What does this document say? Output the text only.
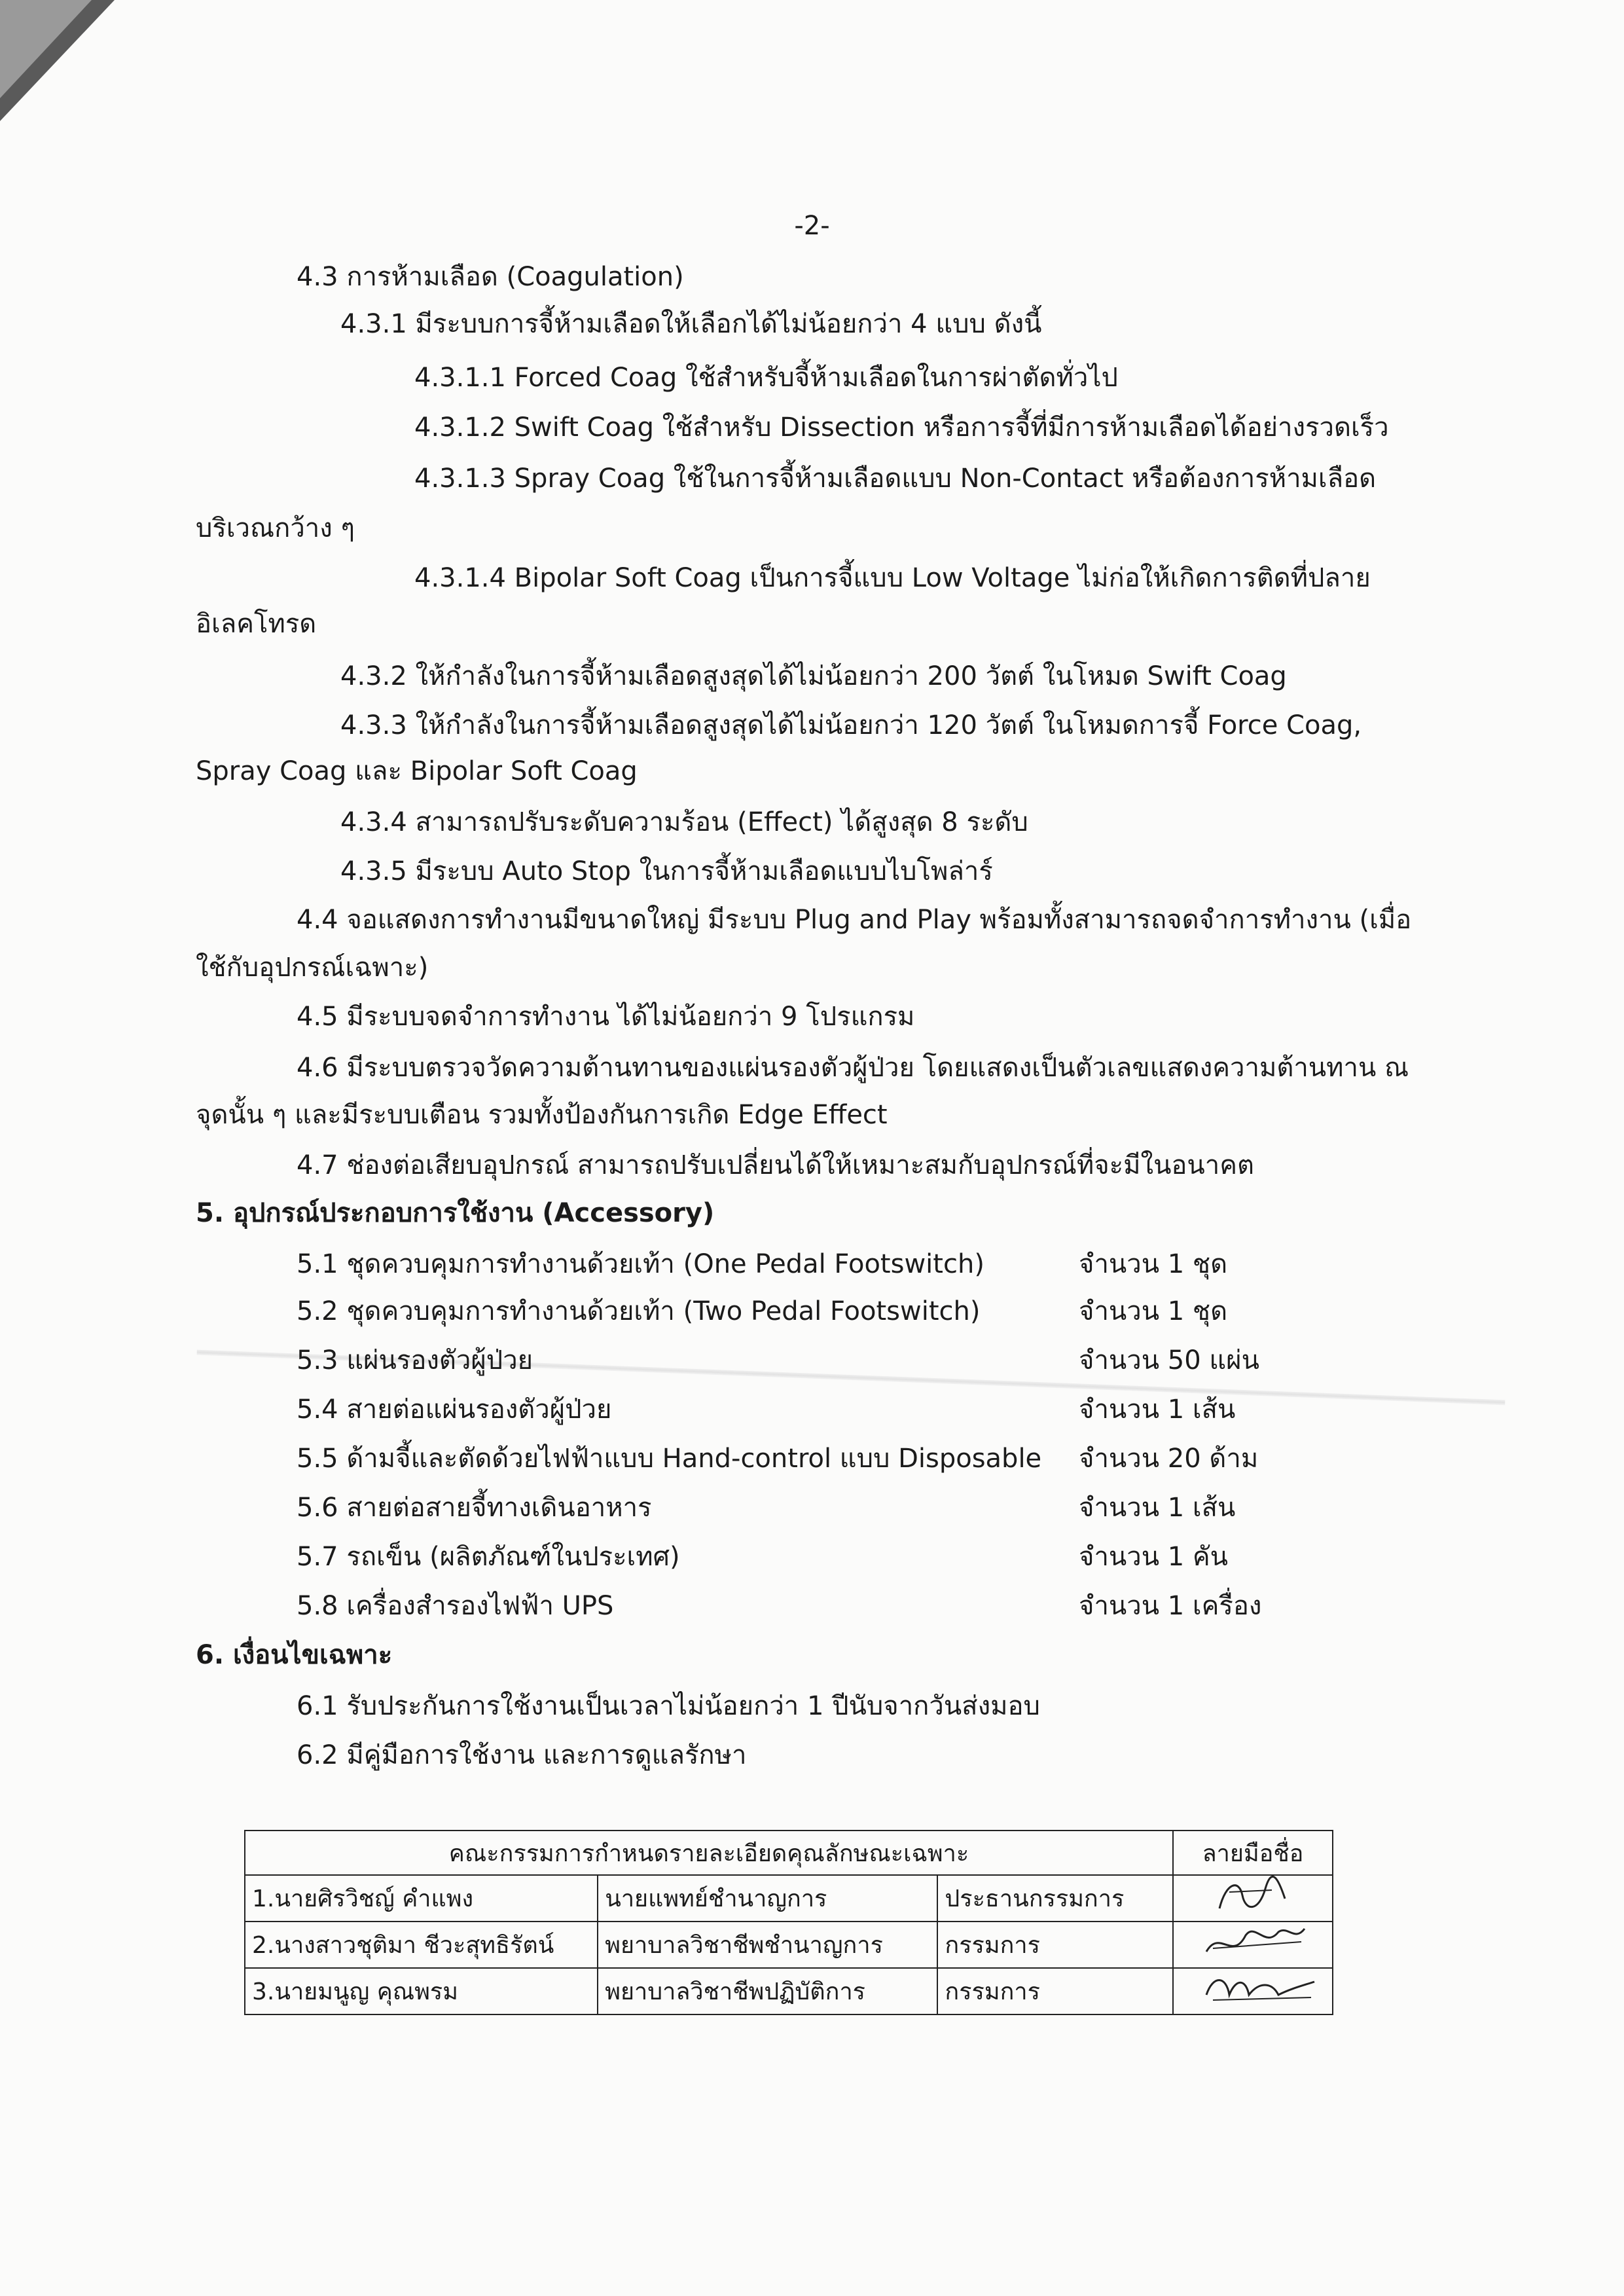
-2-
4.3 การห้ามเลือด (Coagulation)
4.3.1 มีระบบการจี้ห้ามเลือดให้เลือกได้ไม่น้อยกว่า 4 แบบ ดังนี้
4.3.1.1 Forced Coag ใช้สำหรับจี้ห้ามเลือดในการผ่าตัดทั่วไป
4.3.1.2 Swift Coag ใช้สำหรับ Dissection หรือการจี้ที่มีการห้ามเลือดได้อย่างรวดเร็ว
4.3.1.3 Spray Coag ใช้ในการจี้ห้ามเลือดแบบ Non-Contact หรือต้องการห้ามเลือด
บริเวณกว้าง ๆ
4.3.1.4 Bipolar Soft Coag เป็นการจี้แบบ Low Voltage ไม่ก่อให้เกิดการติดที่ปลาย
อิเลคโทรด
4.3.2 ให้กำลังในการจี้ห้ามเลือดสูงสุดได้ไม่น้อยกว่า 200 วัตต์ ในโหมด Swift Coag
4.3.3 ให้กำลังในการจี้ห้ามเลือดสูงสุดได้ไม่น้อยกว่า 120 วัตต์ ในโหมดการจี้ Force Coag,
Spray Coag และ Bipolar Soft Coag
4.3.4 สามารถปรับระดับความร้อน (Effect) ได้สูงสุด 8 ระดับ
4.3.5 มีระบบ Auto Stop ในการจี้ห้ามเลือดแบบไบโพล่าร์
4.4 จอแสดงการทำงานมีขนาดใหญ่ มีระบบ Plug and Play พร้อมทั้งสามารถจดจำการทำงาน (เมื่อ
ใช้กับอุปกรณ์เฉพาะ)
4.5 มีระบบจดจำการทำงาน ได้ไม่น้อยกว่า 9 โปรแกรม
4.6 มีระบบตรวจวัดความต้านทานของแผ่นรองตัวผู้ป่วย โดยแสดงเป็นตัวเลขแสดงความต้านทาน ณ
จุดนั้น ๆ และมีระบบเตือน รวมทั้งป้องกันการเกิด Edge Effect
4.7 ช่องต่อเสียบอุปกรณ์ สามารถปรับเปลี่ยนได้ให้เหมาะสมกับอุปกรณ์ที่จะมีในอนาคต
5. อุปกรณ์ประกอบการใช้งาน (Accessory)
5.1 ชุดควบคุมการทำงานด้วยเท้า (One Pedal Footswitch)	จำนวน 1 ชุด
5.2 ชุดควบคุมการทำงานด้วยเท้า (Two Pedal Footswitch)	จำนวน 1 ชุด
5.3 แผ่นรองตัวผู้ป่วย	จำนวน 50 แผ่น
5.4 สายต่อแผ่นรองตัวผู้ป่วย	จำนวน 1 เส้น
5.5 ด้ามจี้และตัดด้วยไฟฟ้าแบบ Hand-control แบบ Disposable จำนวน 20 ด้าม
5.6 สายต่อสายจี้ทางเดินอาหาร	จำนวน 1 เส้น
5.7 รถเข็น (ผลิตภัณฑ์ในประเทศ)	จำนวน 1 คัน
5.8 เครื่องสำรองไฟฟ้า UPS	จำนวน 1 เครื่อง
6. เงื่อนไขเฉพาะ
6.1 รับประกันการใช้งานเป็นเวลาไม่น้อยกว่า 1 ปีนับจากวันส่งมอบ
6.2 มีคู่มือการใช้งาน และการดูแลรักษา
คณะกรรมการกำหนดรายละเอียดคุณลักษณะเฉพาะ			ลายมือชื่อ
1.นายศิรวิชญ์ คำแพง	นายแพทย์ชำนาญการ	ประธานกรรมการ	
2.นางสาวชุติมา ชีวะสุทธิรัตน์	พยาบาลวิชาชีพชำนาญการ	กรรมการ	
3.นายมนูญ คุณพรม	พยาบาลวิชาชีพปฏิบัติการ	กรรมการ	
